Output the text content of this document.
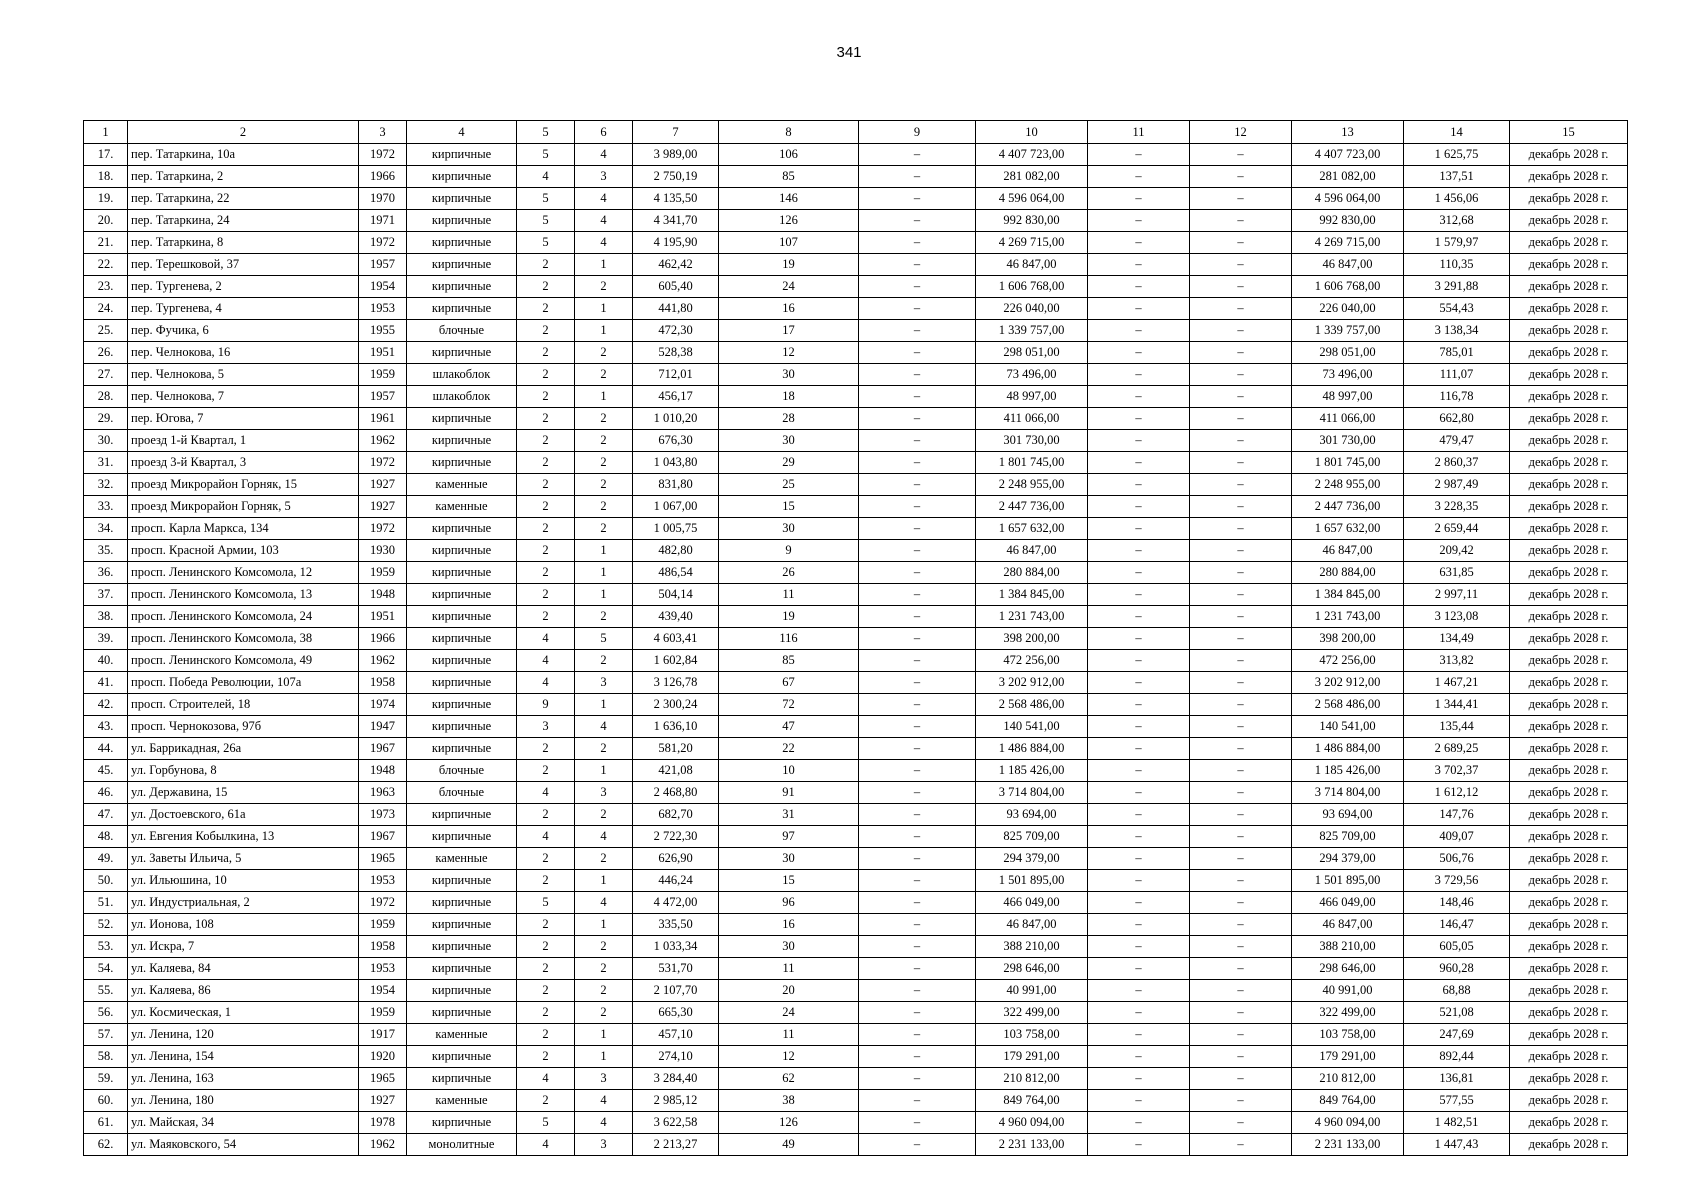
341
1	2	3	4	5	6	7	8	9	10	11	12	13	14	15
17.	пер. Татаркина, 10а	1972	кирпичные	5	4	3 989,00	106	–	4 407 723,00	–	–	4 407 723,00	1 625,75	декабрь 2028 г.
18.	пер. Татаркина, 2	1966	кирпичные	4	3	2 750,19	85	–	281 082,00	–	–	281 082,00	137,51	декабрь 2028 г.
19.	пер. Татаркина, 22	1970	кирпичные	5	4	4 135,50	146	–	4 596 064,00	–	–	4 596 064,00	1 456,06	декабрь 2028 г.
20.	пер. Татаркина, 24	1971	кирпичные	5	4	4 341,70	126	–	992 830,00	–	–	992 830,00	312,68	декабрь 2028 г.
21.	пер. Татаркина, 8	1972	кирпичные	5	4	4 195,90	107	–	4 269 715,00	–	–	4 269 715,00	1 579,97	декабрь 2028 г.
22.	пер. Терешковой, 37	1957	кирпичные	2	1	462,42	19	–	46 847,00	–	–	46 847,00	110,35	декабрь 2028 г.
23.	пер. Тургенева, 2	1954	кирпичные	2	2	605,40	24	–	1 606 768,00	–	–	1 606 768,00	3 291,88	декабрь 2028 г.
24.	пер. Тургенева, 4	1953	кирпичные	2	1	441,80	16	–	226 040,00	–	–	226 040,00	554,43	декабрь 2028 г.
25.	пер. Фучика, 6	1955	блочные	2	1	472,30	17	–	1 339 757,00	–	–	1 339 757,00	3 138,34	декабрь 2028 г.
26.	пер. Челнокова, 16	1951	кирпичные	2	2	528,38	12	–	298 051,00	–	–	298 051,00	785,01	декабрь 2028 г.
27.	пер. Челнокова, 5	1959	шлакоблок	2	2	712,01	30	–	73 496,00	–	–	73 496,00	111,07	декабрь 2028 г.
28.	пер. Челнокова, 7	1957	шлакоблок	2	1	456,17	18	–	48 997,00	–	–	48 997,00	116,78	декабрь 2028 г.
29.	пер. Югова, 7	1961	кирпичные	2	2	1 010,20	28	–	411 066,00	–	–	411 066,00	662,80	декабрь 2028 г.
30.	проезд 1-й Квартал, 1	1962	кирпичные	2	2	676,30	30	–	301 730,00	–	–	301 730,00	479,47	декабрь 2028 г.
31.	проезд 3-й Квартал, 3	1972	кирпичные	2	2	1 043,80	29	–	1 801 745,00	–	–	1 801 745,00	2 860,37	декабрь 2028 г.
32.	проезд Микрорайон Горняк, 15	1927	каменные	2	2	831,80	25	–	2 248 955,00	–	–	2 248 955,00	2 987,49	декабрь 2028 г.
33.	проезд Микрорайон Горняк, 5	1927	каменные	2	2	1 067,00	15	–	2 447 736,00	–	–	2 447 736,00	3 228,35	декабрь 2028 г.
34.	просп. Карла Маркса, 134	1972	кирпичные	2	2	1 005,75	30	–	1 657 632,00	–	–	1 657 632,00	2 659,44	декабрь 2028 г.
35.	просп. Красной Армии, 103	1930	кирпичные	2	1	482,80	9	–	46 847,00	–	–	46 847,00	209,42	декабрь 2028 г.
36.	просп. Ленинского Комсомола, 12	1959	кирпичные	2	1	486,54	26	–	280 884,00	–	–	280 884,00	631,85	декабрь 2028 г.
37.	просп. Ленинского Комсомола, 13	1948	кирпичные	2	1	504,14	11	–	1 384 845,00	–	–	1 384 845,00	2 997,11	декабрь 2028 г.
38.	просп. Ленинского Комсомола, 24	1951	кирпичные	2	2	439,40	19	–	1 231 743,00	–	–	1 231 743,00	3 123,08	декабрь 2028 г.
39.	просп. Ленинского Комсомола, 38	1966	кирпичные	4	5	4 603,41	116	–	398 200,00	–	–	398 200,00	134,49	декабрь 2028 г.
40.	просп. Ленинского Комсомола, 49	1962	кирпичные	4	2	1 602,84	85	–	472 256,00	–	–	472 256,00	313,82	декабрь 2028 г.
41.	просп. Победа Революции, 107а	1958	кирпичные	4	3	3 126,78	67	–	3 202 912,00	–	–	3 202 912,00	1 467,21	декабрь 2028 г.
42.	просп. Строителей, 18	1974	кирпичные	9	1	2 300,24	72	–	2 568 486,00	–	–	2 568 486,00	1 344,41	декабрь 2028 г.
43.	просп. Чернокозова, 97б	1947	кирпичные	3	4	1 636,10	47	–	140 541,00	–	–	140 541,00	135,44	декабрь 2028 г.
44.	ул. Баррикадная, 26а	1967	кирпичные	2	2	581,20	22	–	1 486 884,00	–	–	1 486 884,00	2 689,25	декабрь 2028 г.
45.	ул. Горбунова, 8	1948	блочные	2	1	421,08	10	–	1 185 426,00	–	–	1 185 426,00	3 702,37	декабрь 2028 г.
46.	ул. Державина, 15	1963	блочные	4	3	2 468,80	91	–	3 714 804,00	–	–	3 714 804,00	1 612,12	декабрь 2028 г.
47.	ул. Достоевского, 61а	1973	кирпичные	2	2	682,70	31	–	93 694,00	–	–	93 694,00	147,76	декабрь 2028 г.
48.	ул. Евгения Кобылкина, 13	1967	кирпичные	4	4	2 722,30	97	–	825 709,00	–	–	825 709,00	409,07	декабрь 2028 г.
49.	ул. Заветы Ильича, 5	1965	каменные	2	2	626,90	30	–	294 379,00	–	–	294 379,00	506,76	декабрь 2028 г.
50.	ул. Ильюшина, 10	1953	кирпичные	2	1	446,24	15	–	1 501 895,00	–	–	1 501 895,00	3 729,56	декабрь 2028 г.
51.	ул. Индустриальная, 2	1972	кирпичные	5	4	4 472,00	96	–	466 049,00	–	–	466 049,00	148,46	декабрь 2028 г.
52.	ул. Ионова, 108	1959	кирпичные	2	1	335,50	16	–	46 847,00	–	–	46 847,00	146,47	декабрь 2028 г.
53.	ул. Искра, 7	1958	кирпичные	2	2	1 033,34	30	–	388 210,00	–	–	388 210,00	605,05	декабрь 2028 г.
54.	ул. Каляева, 84	1953	кирпичные	2	2	531,70	11	–	298 646,00	–	–	298 646,00	960,28	декабрь 2028 г.
55.	ул. Каляева, 86	1954	кирпичные	2	2	2 107,70	20	–	40 991,00	–	–	40 991,00	68,88	декабрь 2028 г.
56.	ул. Космическая, 1	1959	кирпичные	2	2	665,30	24	–	322 499,00	–	–	322 499,00	521,08	декабрь 2028 г.
57.	ул. Ленина, 120	1917	каменные	2	1	457,10	11	–	103 758,00	–	–	103 758,00	247,69	декабрь 2028 г.
58.	ул. Ленина, 154	1920	кирпичные	2	1	274,10	12	–	179 291,00	–	–	179 291,00	892,44	декабрь 2028 г.
59.	ул. Ленина, 163	1965	кирпичные	4	3	3 284,40	62	–	210 812,00	–	–	210 812,00	136,81	декабрь 2028 г.
60.	ул. Ленина, 180	1927	каменные	2	4	2 985,12	38	–	849 764,00	–	–	849 764,00	577,55	декабрь 2028 г.
61.	ул. Майская, 34	1978	кирпичные	5	4	3 622,58	126	–	4 960 094,00	–	–	4 960 094,00	1 482,51	декабрь 2028 г.
62.	ул. Маяковского, 54	1962	монолитные	4	3	2 213,27	49	–	2 231 133,00	–	–	2 231 133,00	1 447,43	декабрь 2028 г.
